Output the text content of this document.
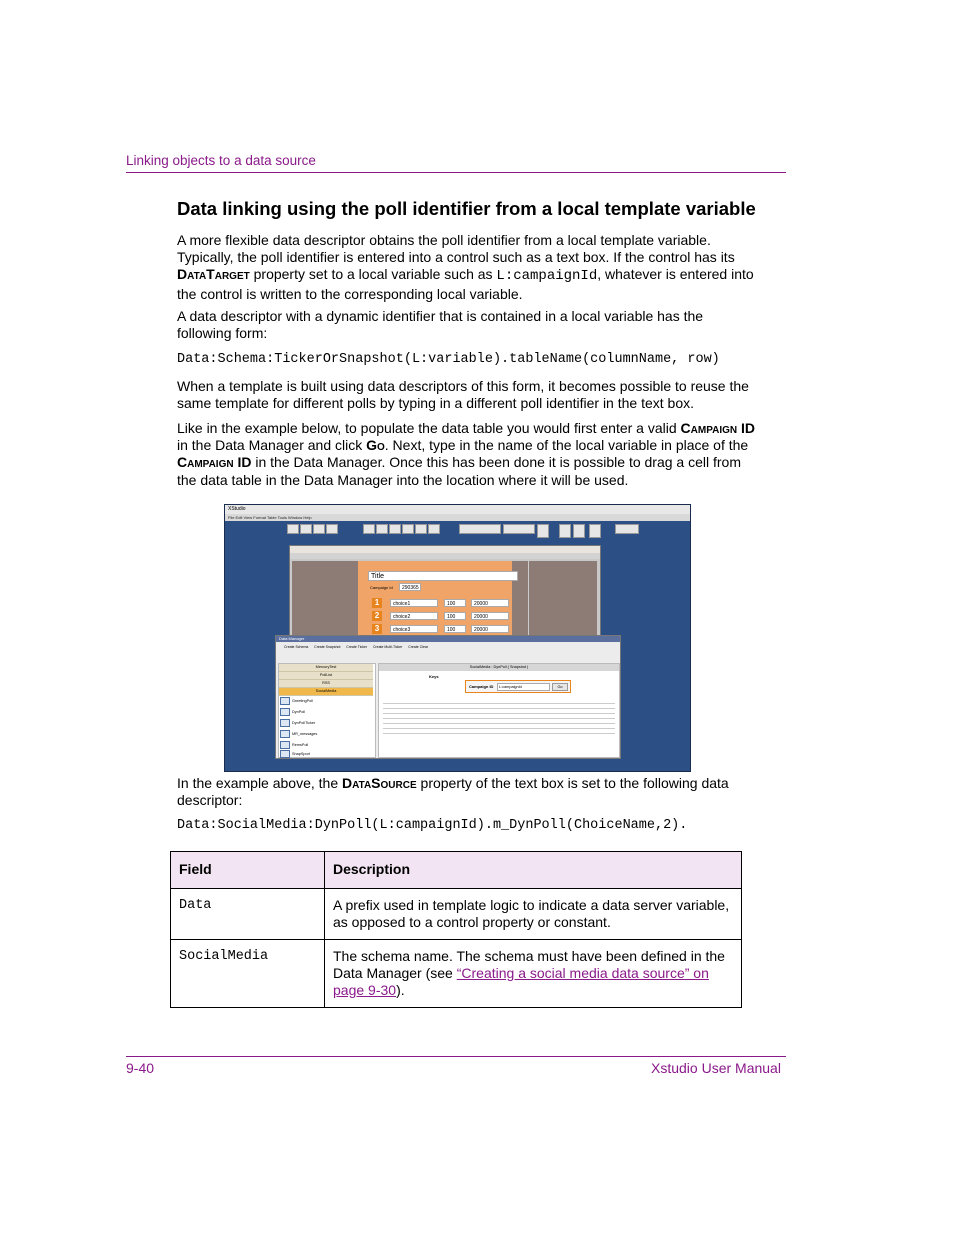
Linking objects to a data source
Data linking using the poll identifier from a local template variable

A more flexible data descriptor obtains the poll identifier from a local template variable. Typically, the poll identifier is entered into a control such as a text box. If the control has its DataTarget property set to a local variable such as L:campaignId, whatever is entered into the control is written to the corresponding local variable.

A data descriptor with a dynamic identifier that is contained in a local variable has the following form:

Data:Schema:TickerOrSnapshot(L:variable).tableName(columnName, row)

When a template is built using data descriptors of this form, it becomes possible to reuse the same template for different polls by typing in a different poll identifier in the text box.

Like in the example below, to populate the data table you would first enter a valid Campaign ID in the Data Manager and click Go. Next, type in the name of the local variable in place of the Campaign ID in the Data Manager. Once this has been done it is possible to drag a cell from the data table in the Data Manager into the location where it will be used.

XStudio
File Edit View Format Table Tools Window Help
Title
Campaign Id	290365
1	choice1	100	20000
2	choice2	100	20000
3	choice3	100	20000
Data Manager
Create Schema Create Snapshot Create Ticker Create Multi-Ticker Create Clear
MercuryTest
PollList
RSS
SocialMedia
GreetingPoll
DynPoll
DynPollTicker
MR_messages
RemsPoll
ShapSport
SocialMedia : DynPoll ( Snapshot )
Keys
Campaign ID	L:campaignId	Go

In the example above, the DataSource property of the text box is set to the following data descriptor:

Data:SocialMedia:DynPoll(L:campaignId).m_DynPoll(ChoiceName,2).
Field	Description
Data	A prefix used in template logic to indicate a data server variable, as opposed to a control property or constant.
SocialMedia	The schema name. The schema must have been defined in the Data Manager (see “Creating a social media data source” on page 9-30).
9-40	Xstudio User Manual
